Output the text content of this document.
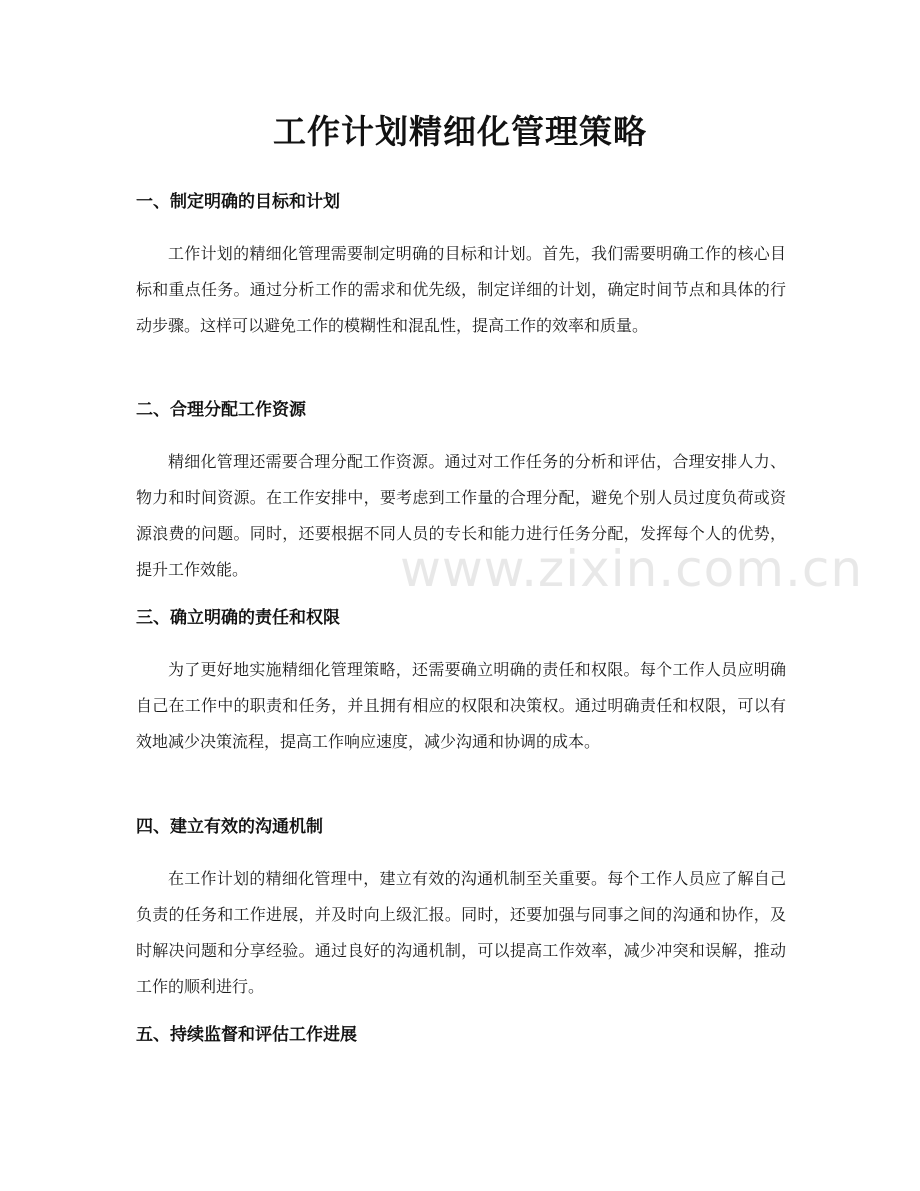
工作计划精细化管理策略
一、制定明确的目标和计划

工作计划的精细化管理需要制定明确的目标和计划。首先，我们需要明确工作的核心目标和重点任务。通过分析工作的需求和优先级，制定详细的计划，确定时间节点和具体的行动步骤。这样可以避免工作的模糊性和混乱性，提高工作的效率和质量。

二、合理分配工作资源

精细化管理还需要合理分配工作资源。通过对工作任务的分析和评估，合理安排人力、物力和时间资源。在工作安排中，要考虑到工作量的合理分配，避免个别人员过度负荷或资源浪费的问题。同时，还要根据不同人员的专长和能力进行任务分配，发挥每个人的优势，提升工作效能。

三、确立明确的责任和权限

为了更好地实施精细化管理策略，还需要确立明确的责任和权限。每个工作人员应明确自己在工作中的职责和任务，并且拥有相应的权限和决策权。通过明确责任和权限，可以有效地减少决策流程，提高工作响应速度，减少沟通和协调的成本。

四、建立有效的沟通机制

在工作计划的精细化管理中，建立有效的沟通机制至关重要。每个工作人员应了解自己负责的任务和工作进展，并及时向上级汇报。同时，还要加强与同事之间的沟通和协作，及时解决问题和分享经验。通过良好的沟通机制，可以提高工作效率，减少冲突和误解，推动工作的顺利进行。

五、持续监督和评估工作进展
www.zixin.com.cn
